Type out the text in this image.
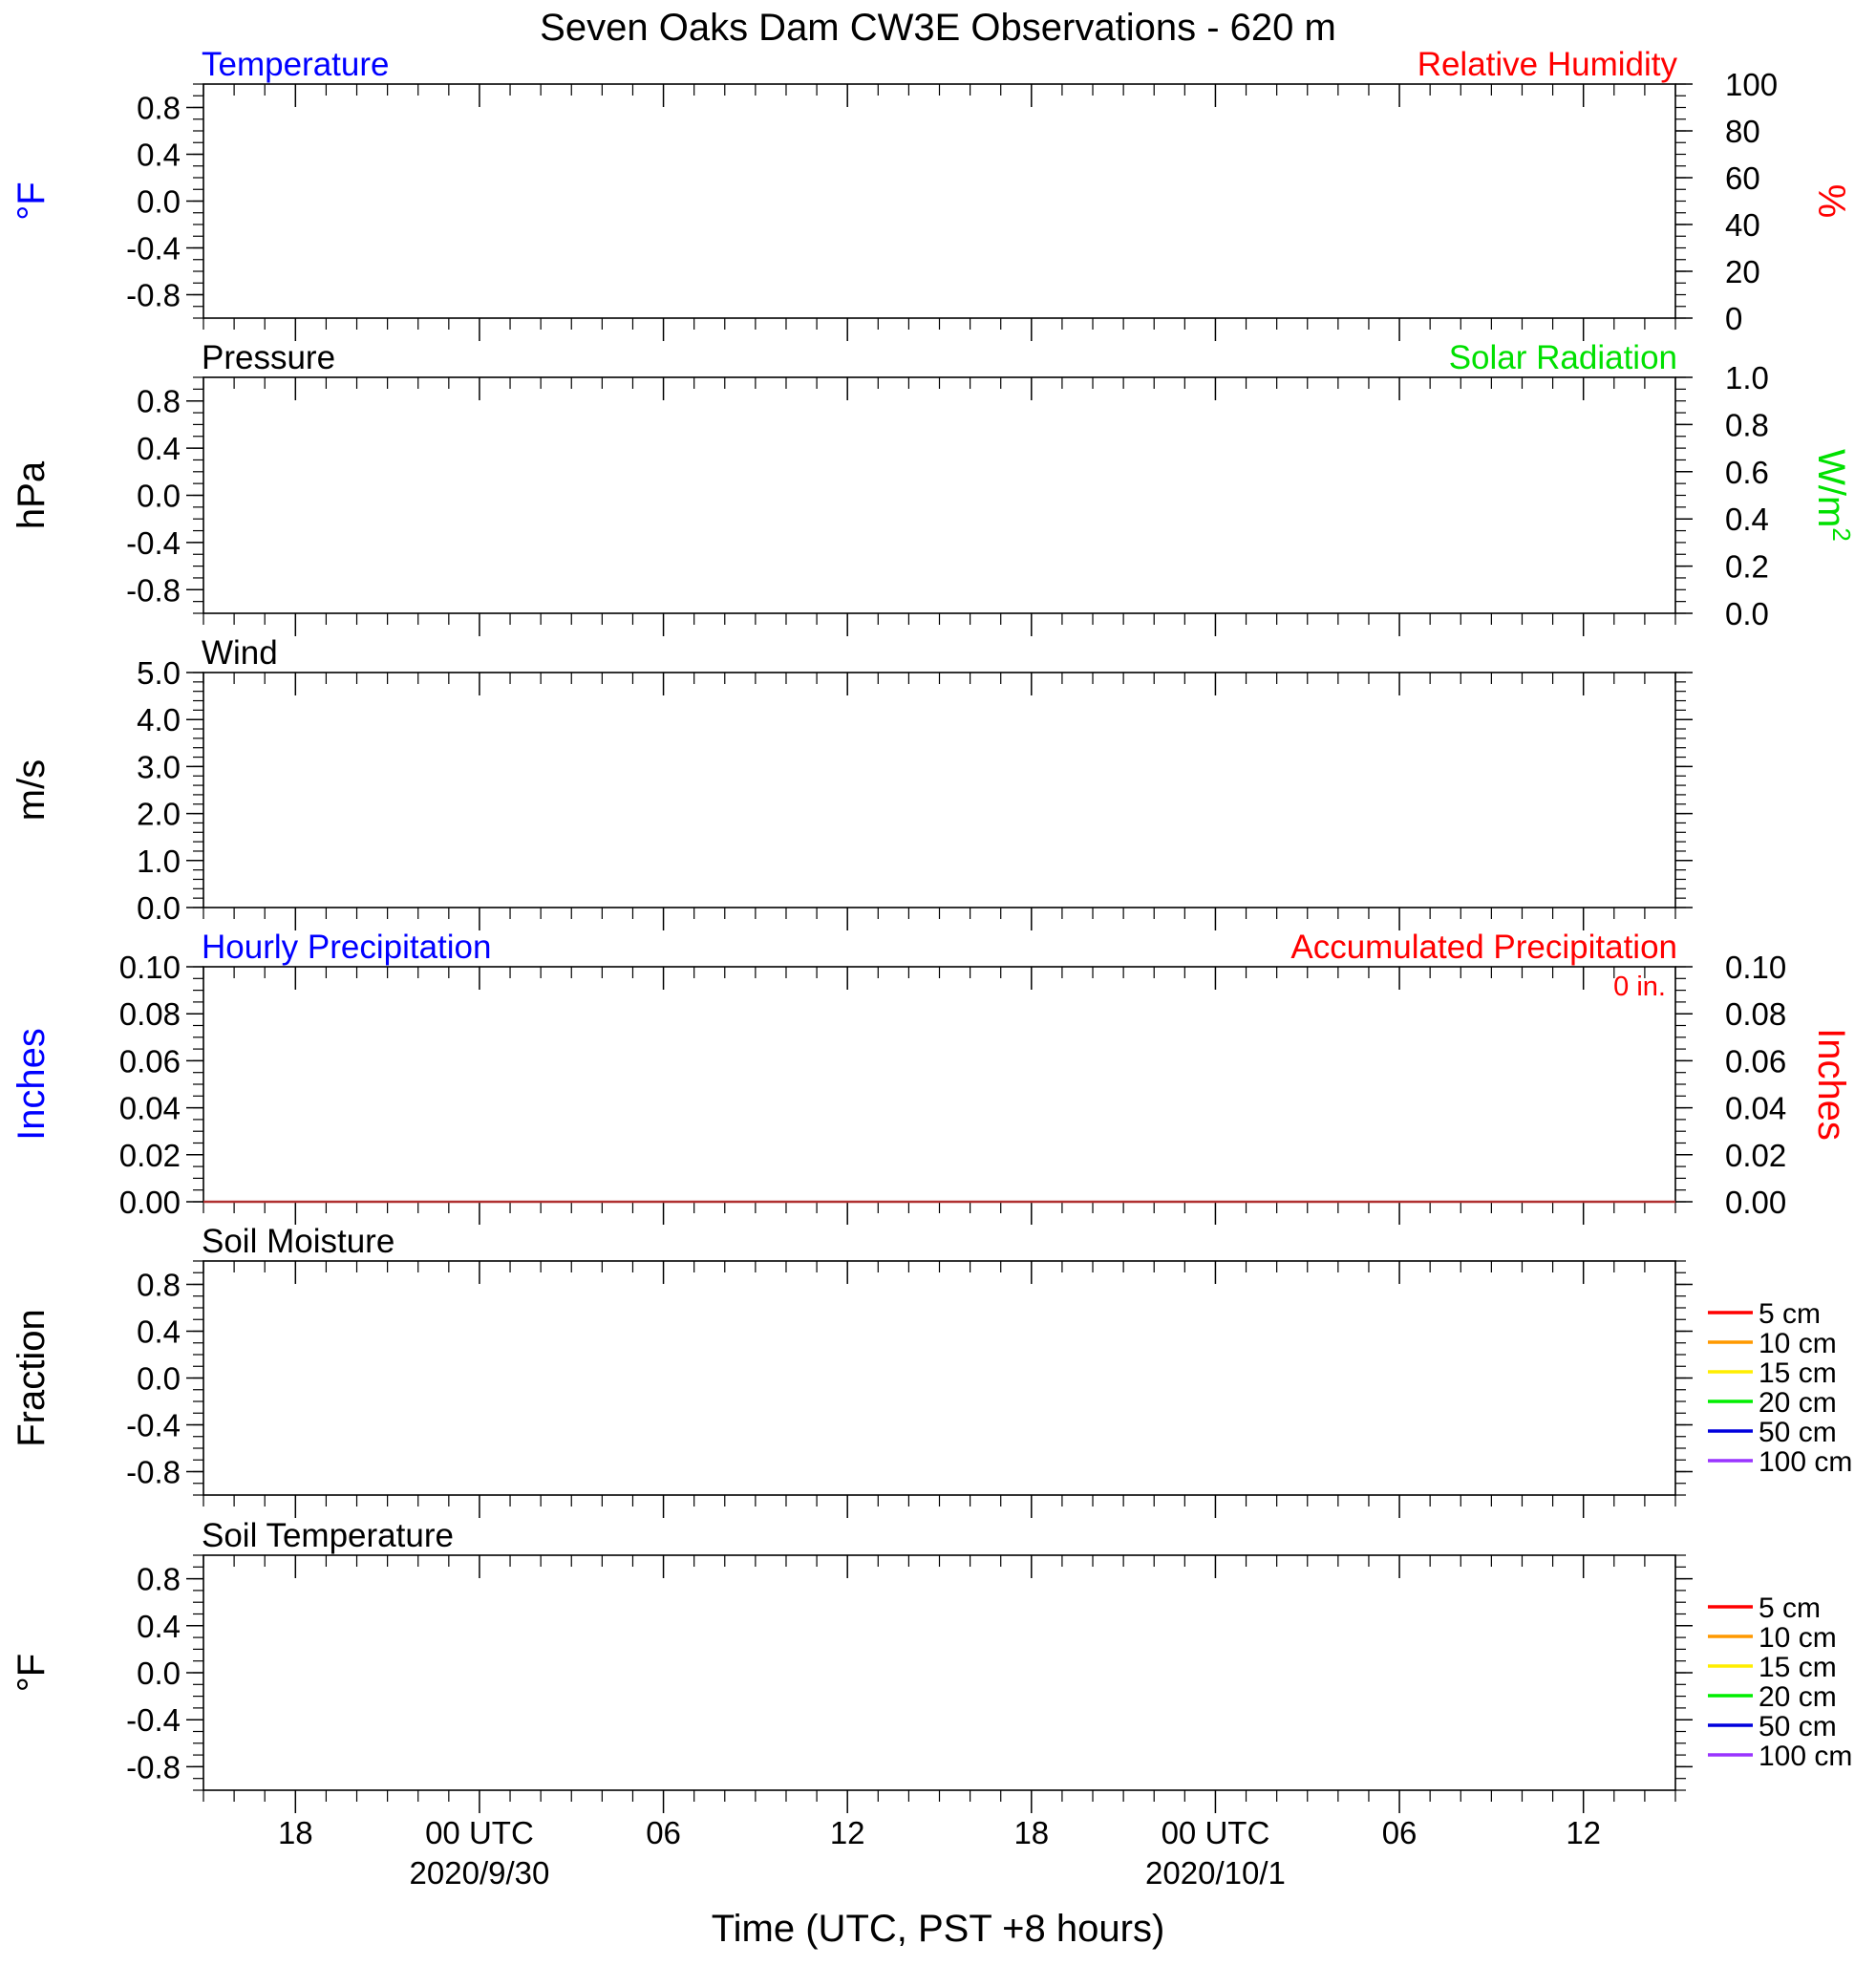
Seven Oaks Dam CW3E Observations - 620 m
Temperature	Relative Humidity
0.8
0.4
0.0
-0.4
-0.8
100
80
60
40
20
0
°F	%
Pressure	Solar Radiation
0.8
0.4
0.0
-0.4
-0.8
1.0
0.8
0.6
0.4
0.2
0.0
hPa	$W/m^2$
Wind
5.0
4.0
3.0
2.0
1.0
0.0
m/s
Hourly Precipitation	Accumulated Precipitation
0 in.
0.10
0.08
0.06
0.04
0.02
0.00
0.10
0.08
0.06
0.04
0.02
0.00
Inches	Inches
Soil Moisture
0.8
0.4
0.0
-0.4
-0.8
Fraction	5 cm
10 cm
15 cm
20 cm
50 cm
100 cm
Soil Temperature
0.8
0.4
0.0
-0.4
-0.8
°F
5 cm
10 cm
15 cm
20 cm
50 cm
100 cm
18	00 UTC
2020/9/30
06	12	18	00 UTC
2020/10/1
06	12
Time (UTC, PST +8 hours)
